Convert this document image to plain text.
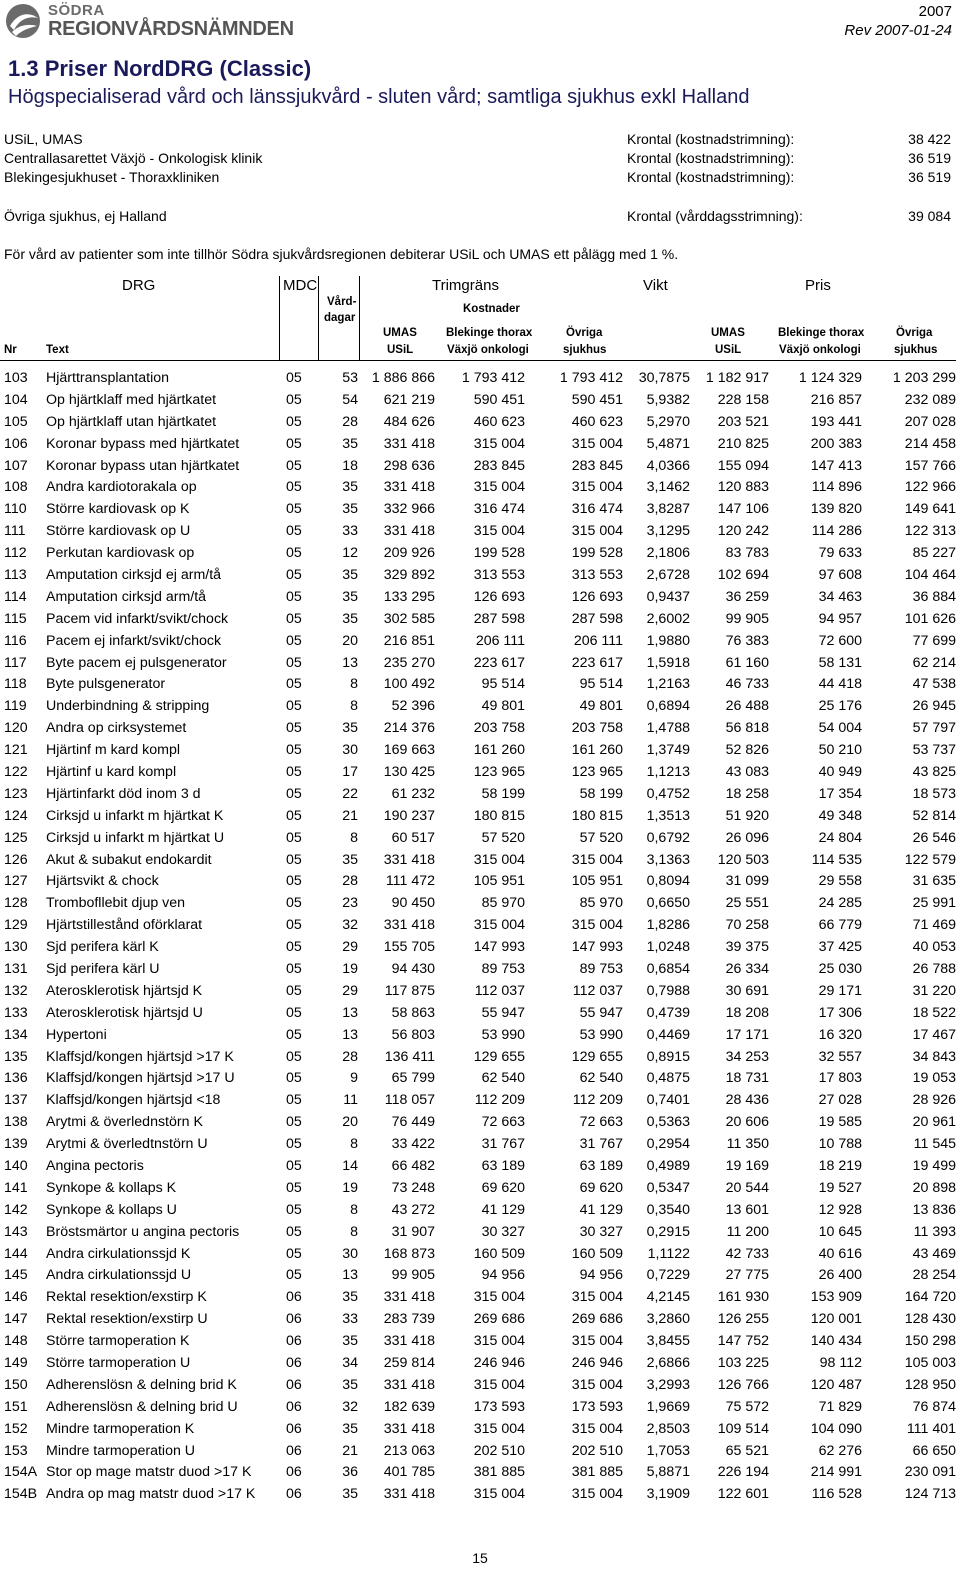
SÖDRA
REGIONVÅRDSNÄMNDEN
2007
Rev 2007-01-24
1.3 Priser NordDRG (Classic)
Högspecialiserad vård och länssjukvård - sluten vård; samtliga sjukhus exkl Halland
USiL, UMAS	Krontal (kostnadstrimning):	38 422
Centrallasarettet Växjö - Onkologisk klinik	Krontal (kostnadstrimning):	36 519
Blekingesjukhuset - Thoraxkliniken	Krontal (kostnadstrimning):	36 519
Övriga sjukhus, ej Halland	Krontal (vårddagsstrimning):	39 084
För vård av patienter som inte tillhör Södra sjukvårdsregionen debiterar USiL och UMAS ett pålägg med 1 %.
DRG	MDC	Trimgräns	Vikt	Pris
Vård-
dagar
Kostnader
UMAS	Blekinge thorax	Övriga	UMAS	Blekinge thorax	Övriga
Nr	Text	USiL	Växjö onkologi	sjukhus	USiL	Växjö onkologi	sjukhus
103	Hjärttransplantation	05	53	1 886 866	1 793 412	1 793 412	30,7875	1 182 917	1 124 329	1 203 299
104	Op hjärtklaff med hjärtkatet	05	54	621 219	590 451	590 451	5,9382	228 158	216 857	232 089
105	Op hjärtklaff utan hjärtkatet	05	28	484 626	460 623	460 623	5,2970	203 521	193 441	207 028
106	Koronar bypass med hjärtkatet	05	35	331 418	315 004	315 004	5,4871	210 825	200 383	214 458
107	Koronar bypass utan hjärtkatet	05	18	298 636	283 845	283 845	4,0366	155 094	147 413	157 766
108	Andra kardiotorakala op	05	35	331 418	315 004	315 004	3,1462	120 883	114 896	122 966
110	Större kardiovask op K	05	35	332 966	316 474	316 474	3,8287	147 106	139 820	149 641
111	Större kardiovask op U	05	33	331 418	315 004	315 004	3,1295	120 242	114 286	122 313
112	Perkutan kardiovask op	05	12	209 926	199 528	199 528	2,1806	83 783	79 633	85 227
113	Amputation cirksjd ej arm/tå	05	35	329 892	313 553	313 553	2,6728	102 694	97 608	104 464
114	Amputation cirksjd arm/tå	05	35	133 295	126 693	126 693	0,9437	36 259	34 463	36 884
115	Pacem vid infarkt/svikt/chock	05	35	302 585	287 598	287 598	2,6002	99 905	94 957	101 626
116	Pacem ej infarkt/svikt/chock	05	20	216 851	206 111	206 111	1,9880	76 383	72 600	77 699
117	Byte pacem ej pulsgenerator	05	13	235 270	223 617	223 617	1,5918	61 160	58 131	62 214
118	Byte pulsgenerator	05	8	100 492	95 514	95 514	1,2163	46 733	44 418	47 538
119	Underbindning & stripping	05	8	52 396	49 801	49 801	0,6894	26 488	25 176	26 945
120	Andra op cirksystemet	05	35	214 376	203 758	203 758	1,4788	56 818	54 004	57 797
121	Hjärtinf m kard kompl	05	30	169 663	161 260	161 260	1,3749	52 826	50 210	53 737
122	Hjärtinf u kard kompl	05	17	130 425	123 965	123 965	1,1213	43 083	40 949	43 825
123	Hjärtinfarkt död inom 3 d	05	22	61 232	58 199	58 199	0,4752	18 258	17 354	18 573
124	Cirksjd u infarkt m hjärtkat K	05	21	190 237	180 815	180 815	1,3513	51 920	49 348	52 814
125	Cirksjd u infarkt m hjärtkat U	05	8	60 517	57 520	57 520	0,6792	26 096	24 804	26 546
126	Akut & subakut endokardit	05	35	331 418	315 004	315 004	3,1363	120 503	114 535	122 579
127	Hjärtsvikt & chock	05	28	111 472	105 951	105 951	0,8094	31 099	29 558	31 635
128	Trombofllebit djup ven	05	23	90 450	85 970	85 970	0,6650	25 551	24 285	25 991
129	Hjärtstillestånd oförklarat	05	32	331 418	315 004	315 004	1,8286	70 258	66 779	71 469
130	Sjd perifera kärl K	05	29	155 705	147 993	147 993	1,0248	39 375	37 425	40 053
131	Sjd perifera kärl U	05	19	94 430	89 753	89 753	0,6854	26 334	25 030	26 788
132	Aterosklerotisk hjärtsjd K	05	29	117 875	112 037	112 037	0,7988	30 691	29 171	31 220
133	Aterosklerotisk hjärtsjd U	05	13	58 863	55 947	55 947	0,4739	18 208	17 306	18 522
134	Hypertoni	05	13	56 803	53 990	53 990	0,4469	17 171	16 320	17 467
135	Klaffsjd/kongen hjärtsjd >17 K	05	28	136 411	129 655	129 655	0,8915	34 253	32 557	34 843
136	Klaffsjd/kongen hjärtsjd >17 U	05	9	65 799	62 540	62 540	0,4875	18 731	17 803	19 053
137	Klaffsjd/kongen hjärtsjd <18	05	11	118 057	112 209	112 209	0,7401	28 436	27 028	28 926
138	Arytmi & överlednstörn K	05	20	76 449	72 663	72 663	0,5363	20 606	19 585	20 961
139	Arytmi & överledtnstörn U	05	8	33 422	31 767	31 767	0,2954	11 350	10 788	11 545
140	Angina pectoris	05	14	66 482	63 189	63 189	0,4989	19 169	18 219	19 499
141	Synkope & kollaps K	05	19	73 248	69 620	69 620	0,5347	20 544	19 527	20 898
142	Synkope & kollaps U	05	8	43 272	41 129	41 129	0,3540	13 601	12 928	13 836
143	Bröstsmärtor u angina pectoris	05	8	31 907	30 327	30 327	0,2915	11 200	10 645	11 393
144	Andra cirkulationssjd K	05	30	168 873	160 509	160 509	1,1122	42 733	40 616	43 469
145	Andra cirkulationssjd U	05	13	99 905	94 956	94 956	0,7229	27 775	26 400	28 254
146	Rektal resektion/exstirp K	06	35	331 418	315 004	315 004	4,2145	161 930	153 909	164 720
147	Rektal resektion/exstirp U	06	33	283 739	269 686	269 686	3,2860	126 255	120 001	128 430
148	Större tarmoperation K	06	35	331 418	315 004	315 004	3,8455	147 752	140 434	150 298
149	Större tarmoperation U	06	34	259 814	246 946	246 946	2,6866	103 225	98 112	105 003
150	Adherenslösn & delning brid K	06	35	331 418	315 004	315 004	3,2993	126 766	120 487	128 950
151	Adherenslösn & delning brid U	06	32	182 639	173 593	173 593	1,9669	75 572	71 829	76 874
152	Mindre tarmoperation K	06	35	331 418	315 004	315 004	2,8503	109 514	104 090	111 401
153	Mindre tarmoperation U	06	21	213 063	202 510	202 510	1,7053	65 521	62 276	66 650
154A	Stor op mage matstr duod >17 K	06	36	401 785	381 885	381 885	5,8871	226 194	214 991	230 091
154B	Andra op mag matstr duod >17 K	06	35	331 418	315 004	315 004	3,1909	122 601	116 528	124 713
15
